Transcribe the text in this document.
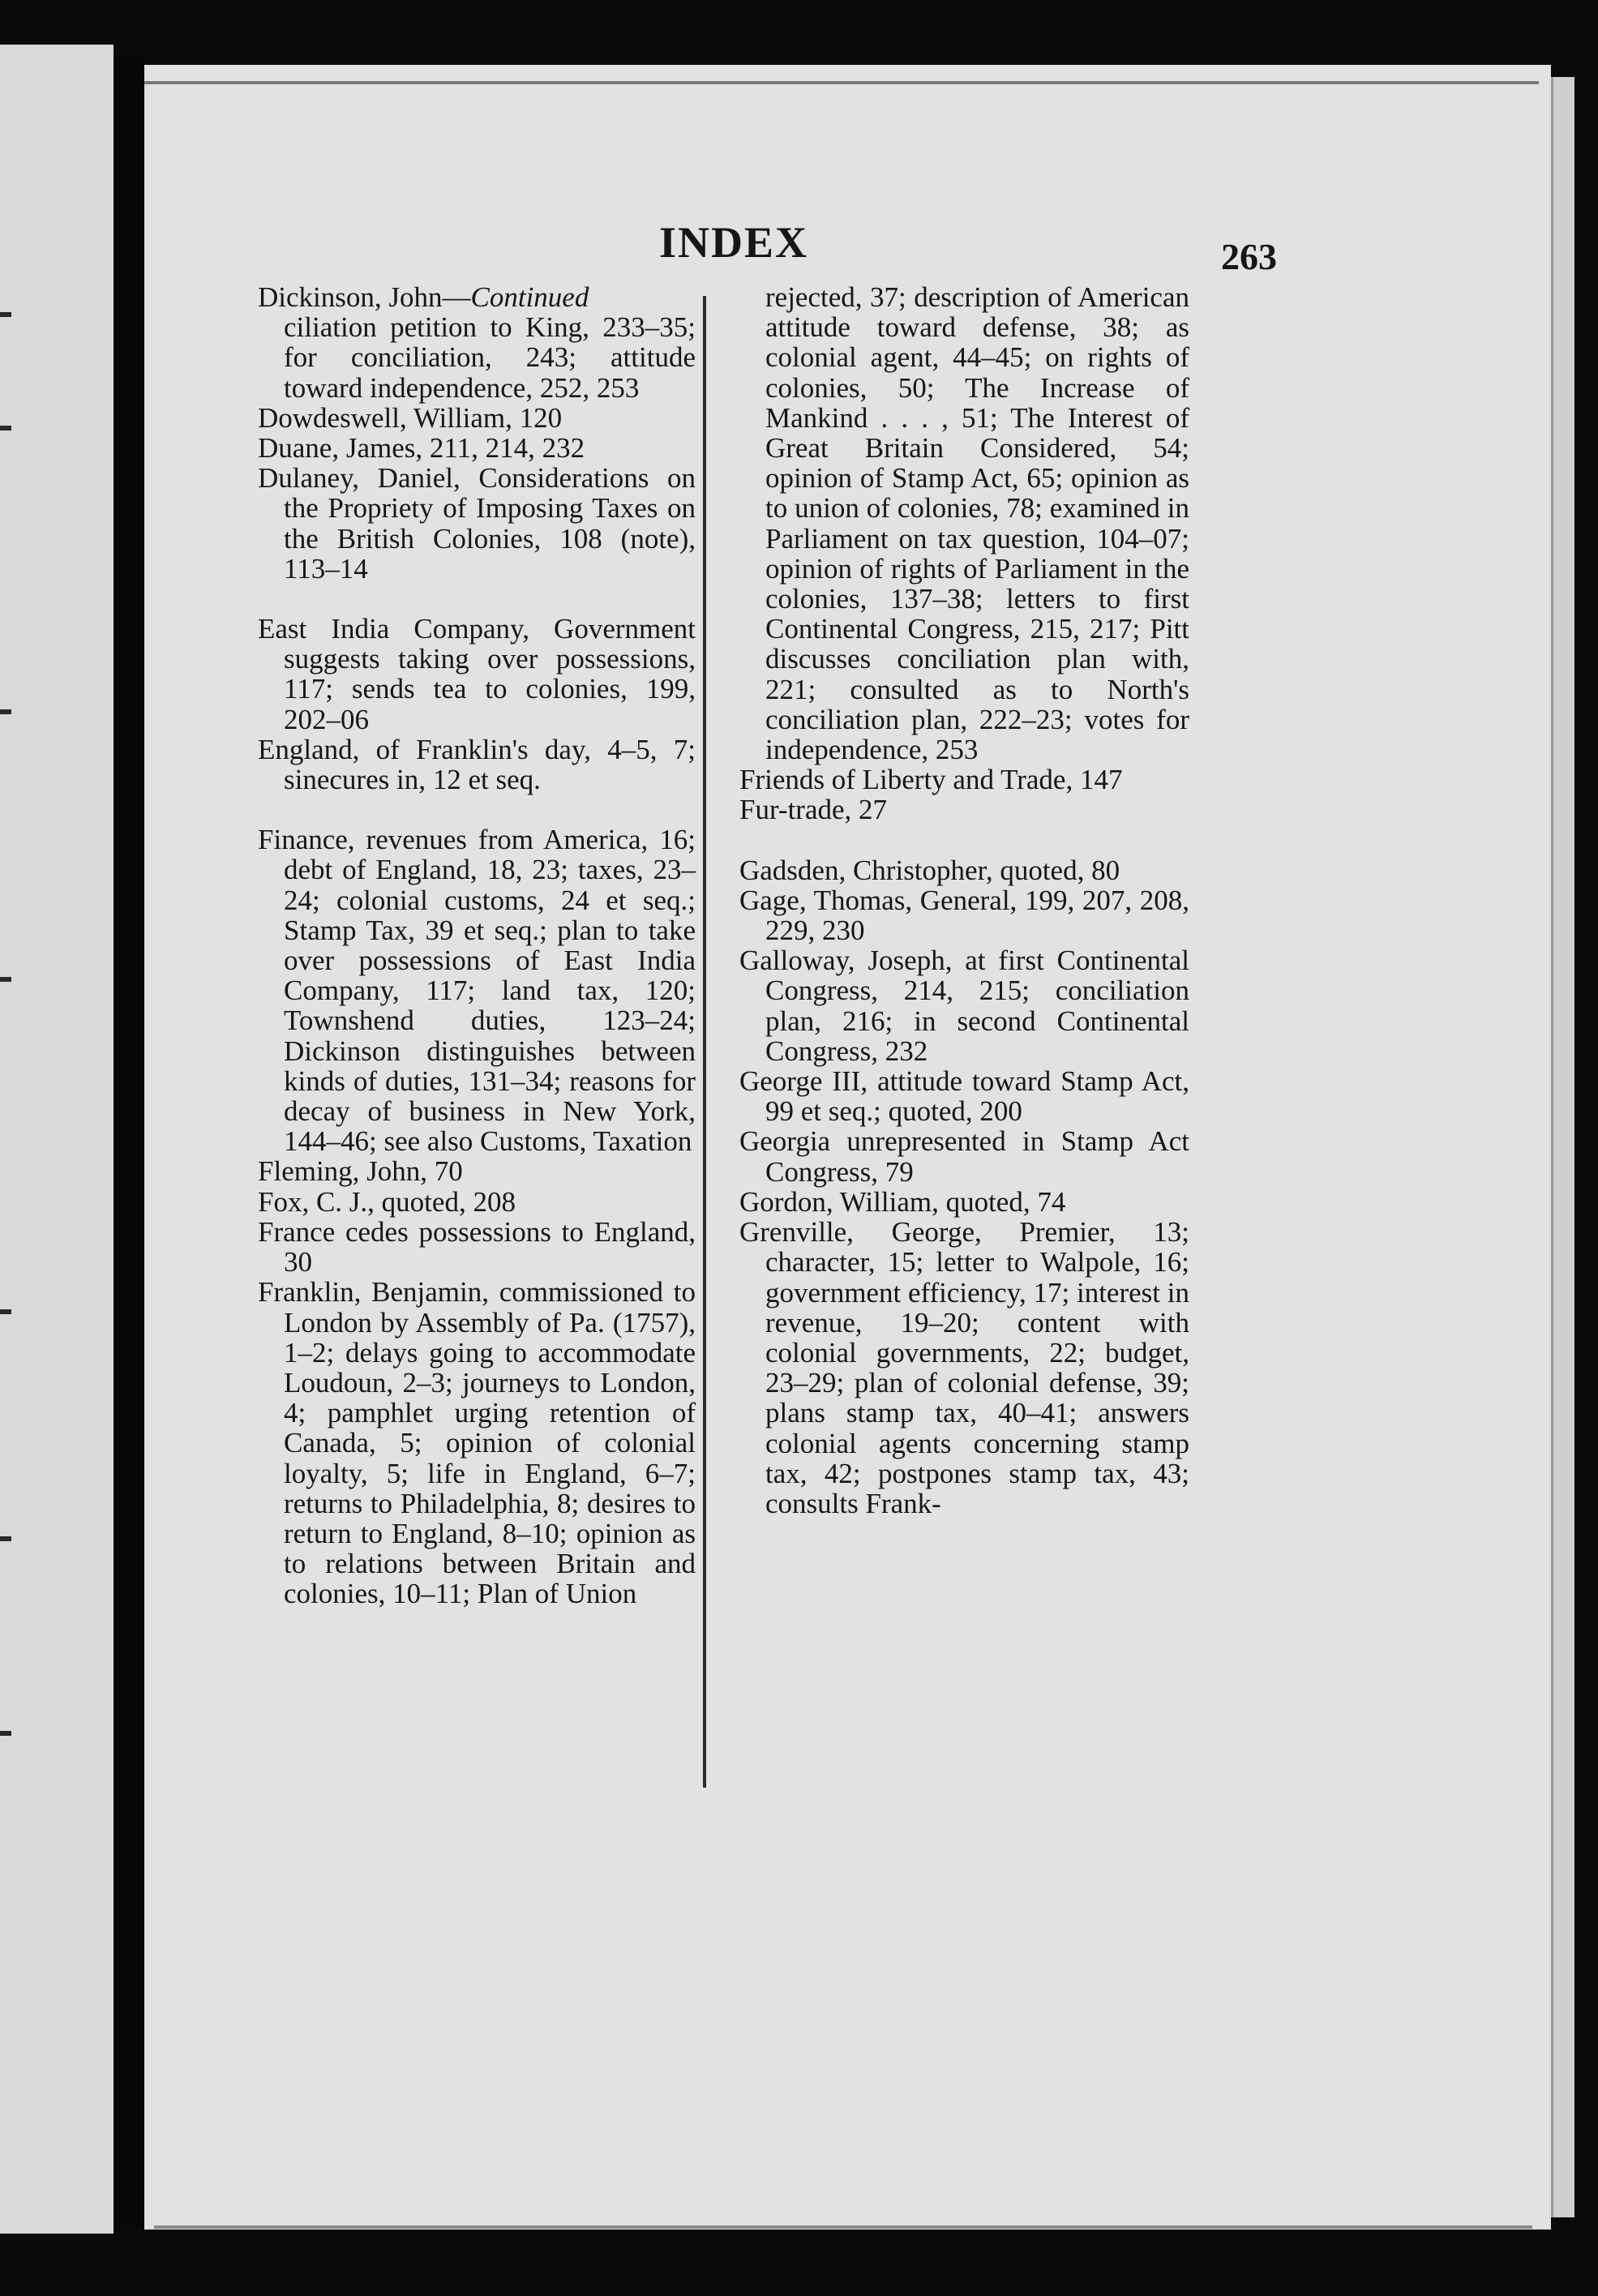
INDEX	263

Dickinson, John—Continued

ciliation petition to King, 233–35; for conciliation, 243; attitude toward independence, 252, 253

Dowdeswell, William, 120

Duane, James, 211, 214, 232

Dulaney, Daniel, Considerations on the Propriety of Imposing Taxes on the British Colonies, 108 (note), 113–14

East India Company, Government suggests taking over possessions, 117; sends tea to colonies, 199, 202–06

England, of Franklin's day, 4–5, 7; sinecures in, 12 et seq.

Finance, revenues from America, 16; debt of England, 18, 23; taxes, 23–24; colonial customs, 24 et seq.; Stamp Tax, 39 et seq.; plan to take over possessions of East India Company, 117; land tax, 120; Townshend duties, 123–24; Dickinson distinguishes between kinds of duties, 131–34; reasons for decay of business in New York, 144–46; see also Customs, Taxation

Fleming, John, 70

Fox, C. J., quoted, 208

France cedes possessions to England, 30

Franklin, Benjamin, commissioned to London by Assembly of Pa. (1757), 1–2; delays going to accommodate Loudoun, 2–3; journeys to London, 4; pamphlet urging retention of Canada, 5; opinion of colonial loyalty, 5; life in England, 6–7; returns to Philadelphia, 8; desires to return to England, 8–10; opinion as to relations between Britain and colonies, 10–11; Plan of Union

rejected, 37; description of American attitude toward defense, 38; as colonial agent, 44–45; on rights of colonies, 50; The Increase of Mankind . . . , 51; The Interest of Great Britain Considered, 54; opinion of Stamp Act, 65; opinion as to union of colonies, 78; examined in Parliament on tax question, 104–07; opinion of rights of Parliament in the colonies, 137–38; letters to first Continental Congress, 215, 217; Pitt discusses conciliation plan with, 221; consulted as to North's conciliation plan, 222–23; votes for independence, 253

Friends of Liberty and Trade, 147

Fur-trade, 27

Gadsden, Christopher, quoted, 80

Gage, Thomas, General, 199, 207, 208, 229, 230

Galloway, Joseph, at first Continental Congress, 214, 215; conciliation plan, 216; in second Continental Congress, 232

George III, attitude toward Stamp Act, 99 et seq.; quoted, 200

Georgia unrepresented in Stamp Act Congress, 79

Gordon, William, quoted, 74

Grenville, George, Premier, 13; character, 15; letter to Walpole, 16; government efficiency, 17; interest in revenue, 19–20; content with colonial governments, 22; budget, 23–29; plan of colonial defense, 39; plans stamp tax, 40–41; answers colonial agents concerning stamp tax, 42; postpones stamp tax, 43; consults Frank-
